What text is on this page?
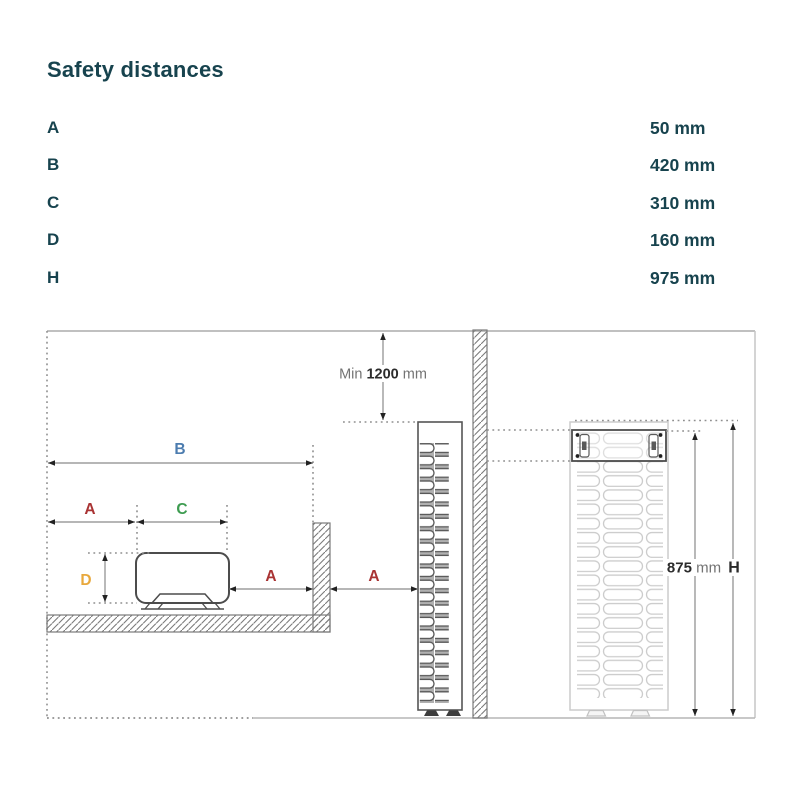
Safety distances
A	50 mm
B	420 mm
C	310 mm
D	160 mm
H	975 mm
Min 1200 mm
B
A	C
D	A	A	875 mm H
